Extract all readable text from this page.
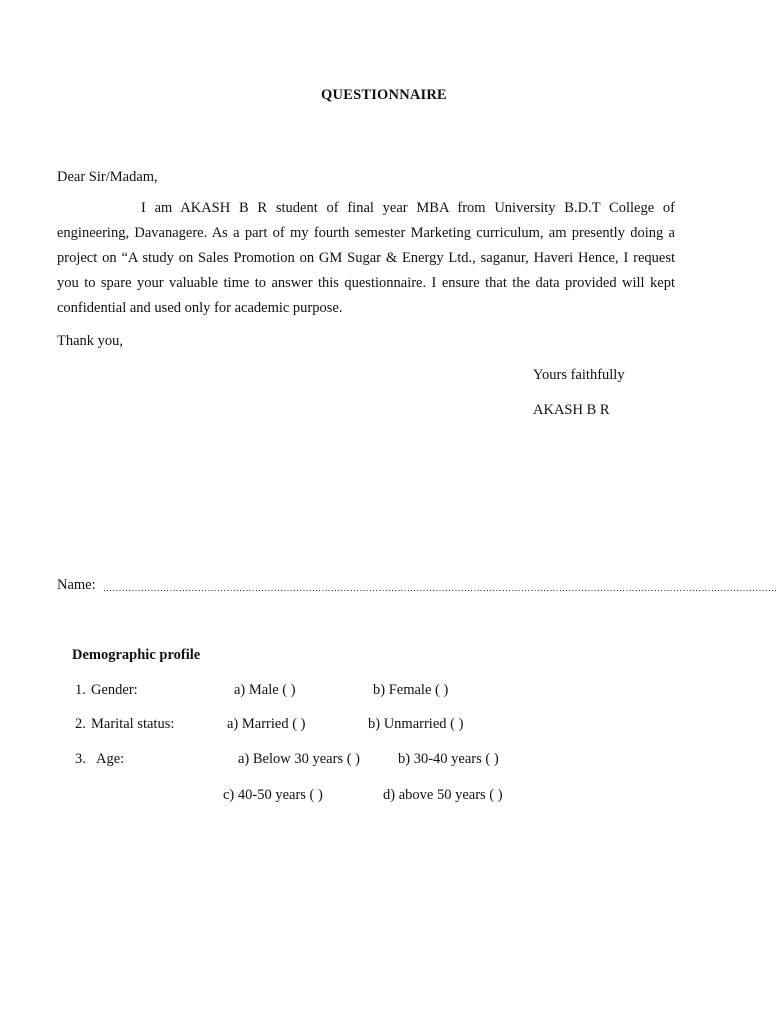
QUESTIONNAIRE
Dear Sir/Madam,
I am AKASH B R student of final year MBA from University B.D.T College of engineering, Davanagere. As a part of my fourth semester Marketing curriculum, am presently doing a project on “A study on Sales Promotion on GM Sugar & Energy Ltd., saganur, Haveri Hence, I request you to spare your valuable time to answer this questionnaire. I ensure that the data provided will kept confidential and used only for academic purpose.
Thank you,
Yours faithfully
AKASH B R
Name: ……………………………………………………………………………………………………………………………………………………………………………………………
Demographic profile
1. Gender:	a) Male ( )	b) Female ( )
2. Marital status:	a) Married ( )	b) Unmarried ( )
3. Age:	a) Below 30 years ( )	b) 30-40 years ( )
c) 40-50 years ( )	d) above 50 years ( )
